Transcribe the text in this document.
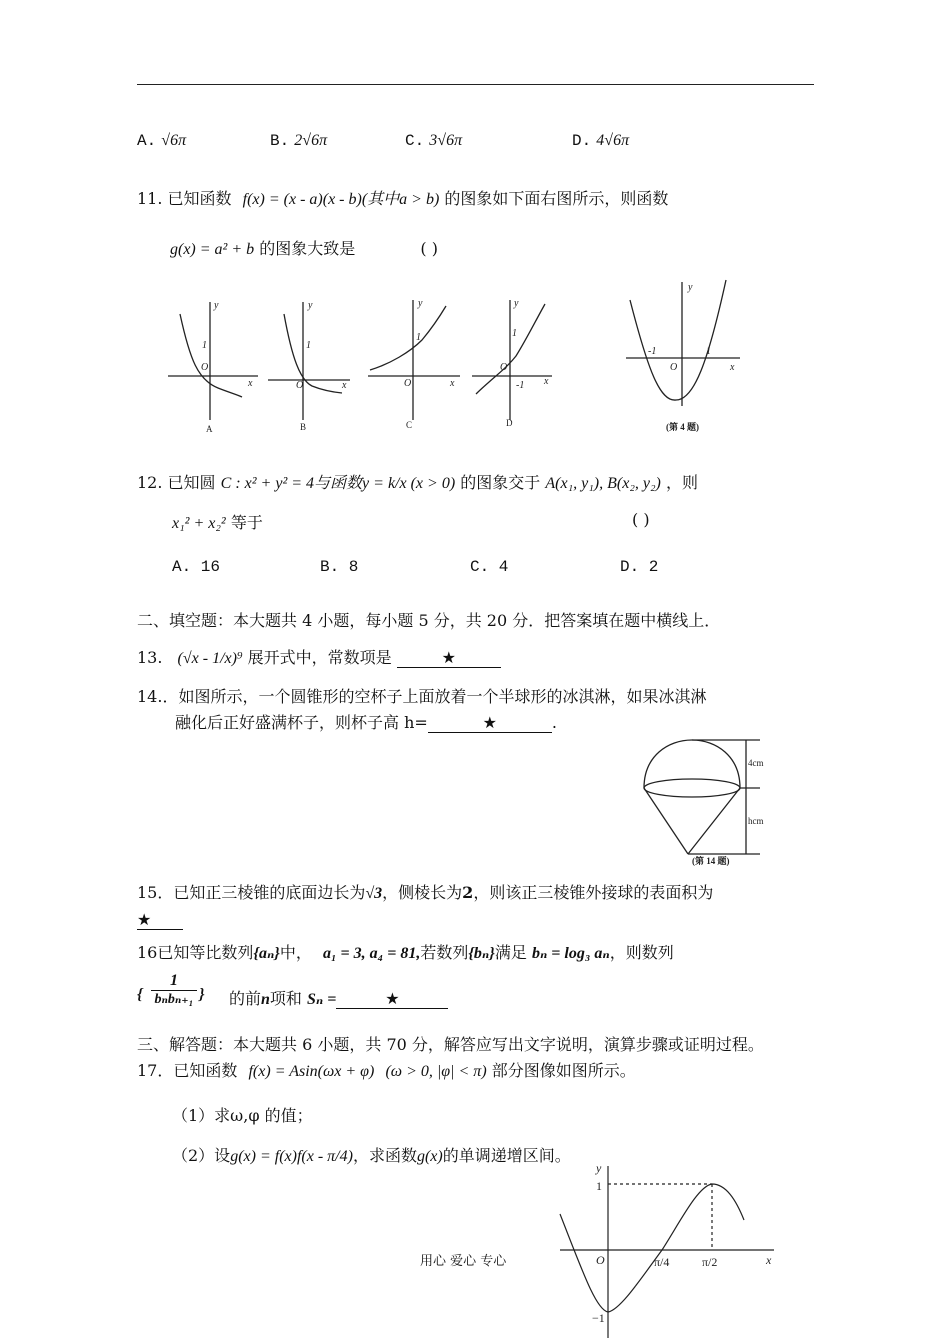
A. √6π	B. 2√6π	C. 3√6π	D. 4√6π
11. 已知函数 f(x) = (x - a)(x - b)(其中a > b) 的图象如下面右图所示，则函数
g(x) = a² + b 的图象大致是	( )
y
x
1
O
y
x
1
O
y
x
1
O
y
x
1
O
-1
y
x
-1	1
O
A	B	C	D	(第 4 题)
12. 已知圆 C : x² + y² = 4与函数y = k/x (x > 0) 的图象交于 A(x₁, y₁), B(x₂, y₂) ，则
x₁² + x₂² 等于	( )
A. 16	B. 8	C. 4	D. 2
二、填空题：本大题共 4 小题，每小题 5 分，共 20 分．把答案填在题中横线上．
13. (√x - 1/x)⁹ 展开式中，常数项是	★
14.．如图所示，一个圆锥形的空杯子上面放着一个半球形的冰淇淋，如果冰淇淋
融化后正好盛满杯子，则杯子高 h=	★	.
4cm
hcm
(第 14 题)
15．已知正三棱锥的底面边长为√3，侧棱长为2，则该正三棱锥外接球的表面积为
★
16已知等比数列{aₙ}中， a₁ = 3, a₄ = 81,若数列{bₙ}满足 bₙ = log₃ aₙ，则数列
{
1
bₙbₙ₊₁ } 的前n项和 Sₙ =	★
三、解答题：本大题共 6 小题，共 70 分，解答应写出文字说明，演算步骤或证明过程。
17．已知函数 f(x) = Asin(ωx + φ) (ω > 0, |φ| < π) 部分图像如图所示。
（1）求ω,φ 的值；
（2）设g(x) = f(x)f(x - π/4)，求函数g(x)的单调递增区间。
y
x
1
−1
O	π/4	π/2
用心 爱心 专心
